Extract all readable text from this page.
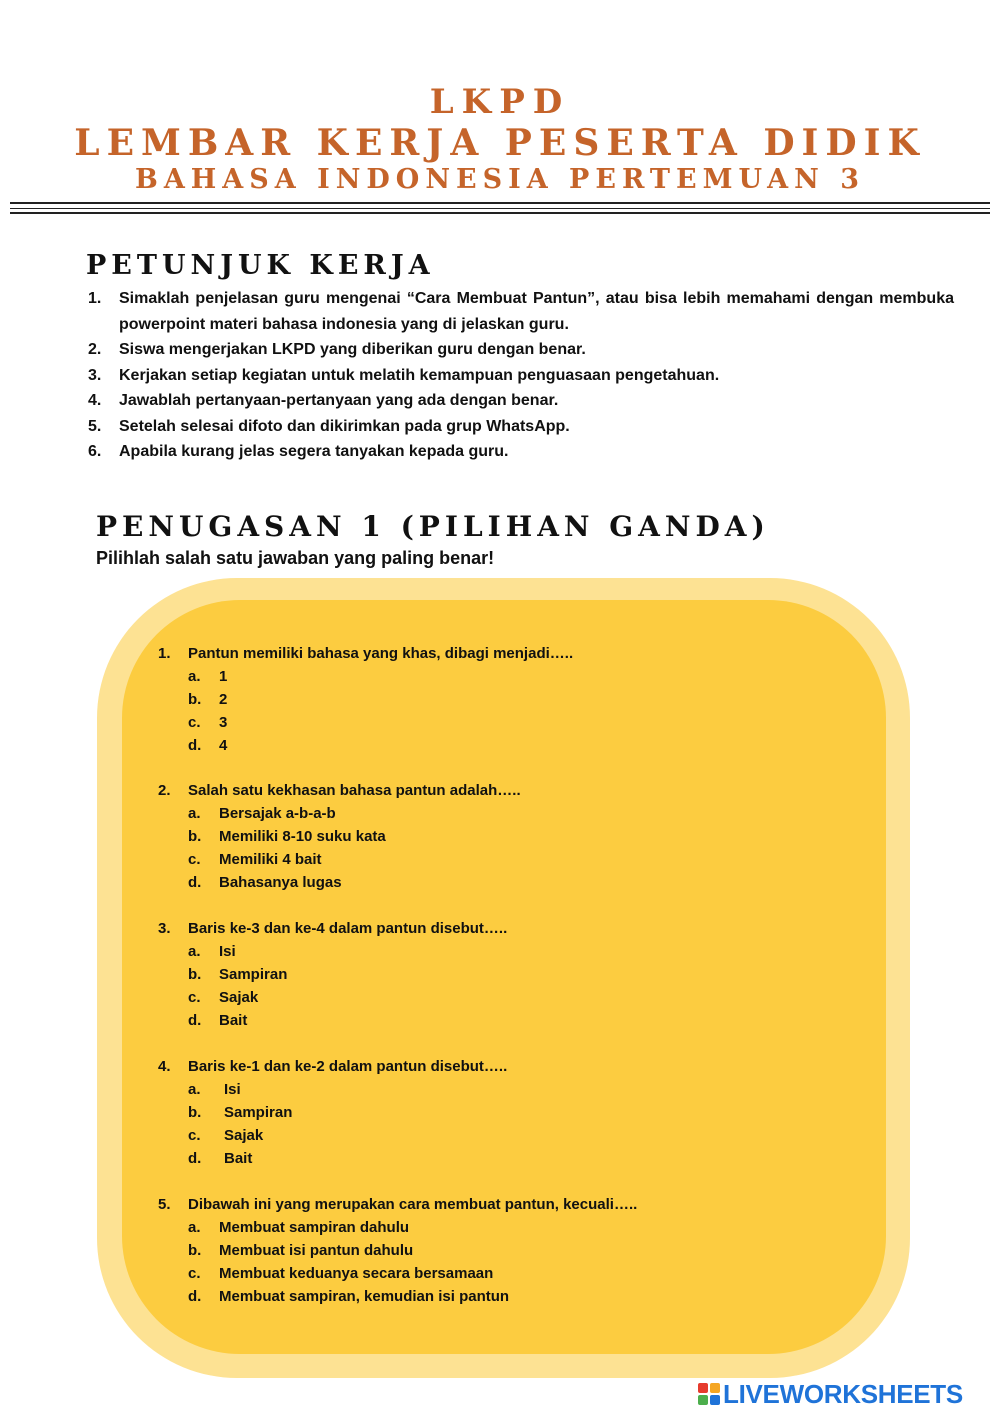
LKPD
LEMBAR KERJA PESERTA DIDIK
BAHASA INDONESIA PERTEMUAN 3
PETUNJUK KERJA
1. Simaklah penjelasan guru mengenai “Cara Membuat Pantun”, atau bisa lebih memahami dengan membuka powerpoint materi bahasa indonesia yang di jelaskan guru.
2. Siswa mengerjakan LKPD yang diberikan guru dengan benar.
3. Kerjakan setiap kegiatan untuk melatih kemampuan penguasaan pengetahuan.
4. Jawablah pertanyaan-pertanyaan yang ada dengan benar.
5. Setelah selesai difoto dan dikirimkan pada grup WhatsApp.
6. Apabila kurang jelas segera tanyakan kepada guru.
PENUGASAN 1 (PILIHAN GANDA)
Pilihlah salah satu jawaban yang paling benar!
1. Pantun memiliki bahasa yang khas, dibagi menjadi…..
a. 1
b. 2
c. 3
d. 4
2. Salah satu kekhasan bahasa pantun adalah…..
a. Bersajak a-b-a-b
b. Memiliki 8-10 suku kata
c. Memiliki 4 bait
d. Bahasanya lugas
3. Baris ke-3 dan ke-4 dalam pantun disebut…..
a. Isi
b. Sampiran
c. Sajak
d. Bait
4. Baris ke-1 dan ke-2 dalam pantun disebut…..
a. Isi
b. Sampiran
c. Sajak
d. Bait
5. Dibawah ini yang merupakan cara membuat pantun, kecuali…..
a. Membuat sampiran dahulu
b. Membuat isi pantun dahulu
c. Membuat keduanya secara bersamaan
d. Membuat sampiran, kemudian isi pantun
LIVEWORKSHEETS
